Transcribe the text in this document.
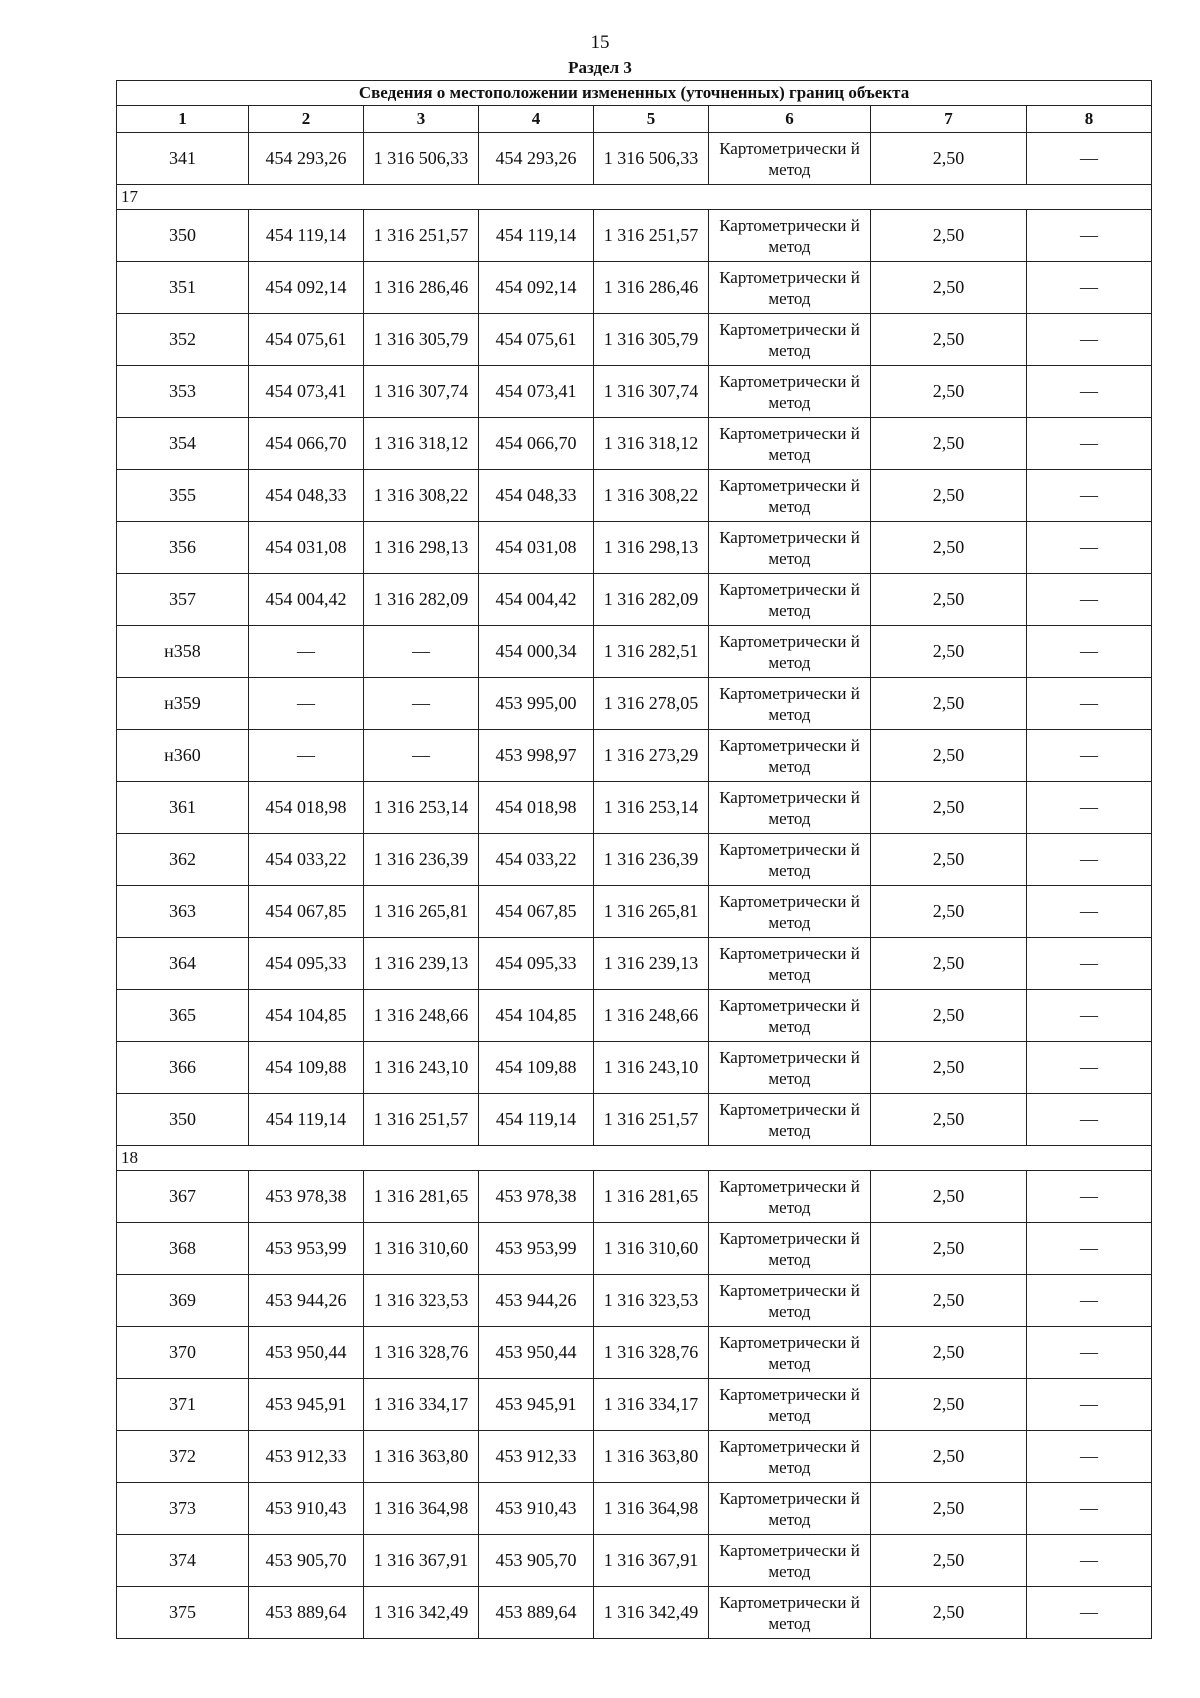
15
Раздел 3
Сведения о местоположении измененных (уточненных) границ объекта							
1	2	3	4	5	6	7	8
341	454 293,26	1 316 506,33	454 293,26	1 316 506,33	Картометрически й метод	2,50	—
17							
350	454 119,14	1 316 251,57	454 119,14	1 316 251,57	Картометрически й метод	2,50	—
351	454 092,14	1 316 286,46	454 092,14	1 316 286,46	Картометрически й метод	2,50	—
352	454 075,61	1 316 305,79	454 075,61	1 316 305,79	Картометрически й метод	2,50	—
353	454 073,41	1 316 307,74	454 073,41	1 316 307,74	Картометрически й метод	2,50	—
354	454 066,70	1 316 318,12	454 066,70	1 316 318,12	Картометрически й метод	2,50	—
355	454 048,33	1 316 308,22	454 048,33	1 316 308,22	Картометрически й метод	2,50	—
356	454 031,08	1 316 298,13	454 031,08	1 316 298,13	Картометрически й метод	2,50	—
357	454 004,42	1 316 282,09	454 004,42	1 316 282,09	Картометрически й метод	2,50	—
н358	—	—	454 000,34	1 316 282,51	Картометрически й метод	2,50	—
н359	—	—	453 995,00	1 316 278,05	Картометрически й метод	2,50	—
н360	—	—	453 998,97	1 316 273,29	Картометрически й метод	2,50	—
361	454 018,98	1 316 253,14	454 018,98	1 316 253,14	Картометрически й метод	2,50	—
362	454 033,22	1 316 236,39	454 033,22	1 316 236,39	Картометрически й метод	2,50	—
363	454 067,85	1 316 265,81	454 067,85	1 316 265,81	Картометрически й метод	2,50	—
364	454 095,33	1 316 239,13	454 095,33	1 316 239,13	Картометрически й метод	2,50	—
365	454 104,85	1 316 248,66	454 104,85	1 316 248,66	Картометрически й метод	2,50	—
366	454 109,88	1 316 243,10	454 109,88	1 316 243,10	Картометрически й метод	2,50	—
350	454 119,14	1 316 251,57	454 119,14	1 316 251,57	Картометрически й метод	2,50	—
18							
367	453 978,38	1 316 281,65	453 978,38	1 316 281,65	Картометрически й метод	2,50	—
368	453 953,99	1 316 310,60	453 953,99	1 316 310,60	Картометрически й метод	2,50	—
369	453 944,26	1 316 323,53	453 944,26	1 316 323,53	Картометрически й метод	2,50	—
370	453 950,44	1 316 328,76	453 950,44	1 316 328,76	Картометрически й метод	2,50	—
371	453 945,91	1 316 334,17	453 945,91	1 316 334,17	Картометрически й метод	2,50	—
372	453 912,33	1 316 363,80	453 912,33	1 316 363,80	Картометрически й метод	2,50	—
373	453 910,43	1 316 364,98	453 910,43	1 316 364,98	Картометрически й метод	2,50	—
374	453 905,70	1 316 367,91	453 905,70	1 316 367,91	Картометрически й метод	2,50	—
375	453 889,64	1 316 342,49	453 889,64	1 316 342,49	Картометрически й метод	2,50	—
